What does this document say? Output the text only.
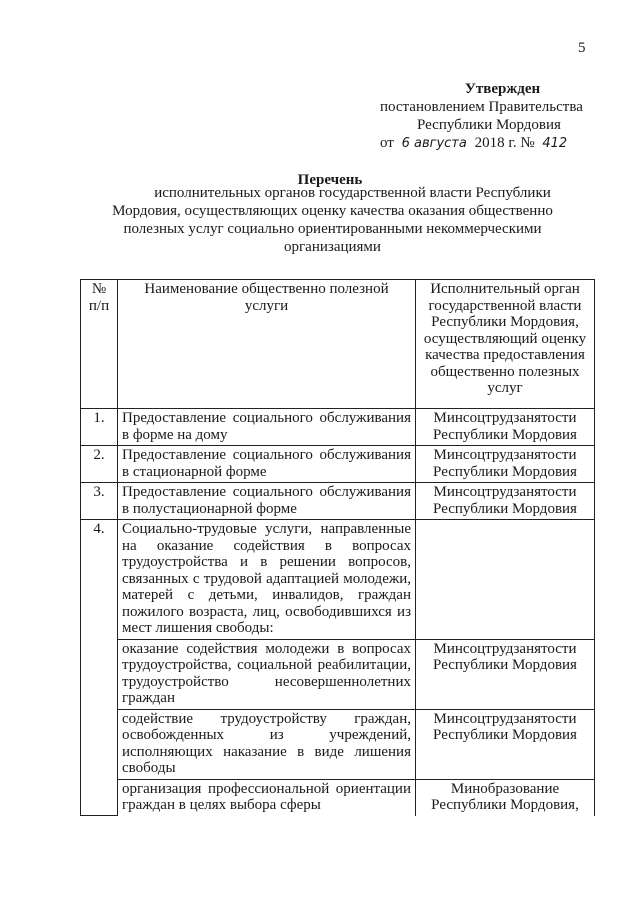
5
Утвержден
постановлением Правительства
Республики Мордовия
от 6 августа 2018 г. № 412
Перечень
исполнительных органов государственной власти Республики Мордовия, осуществляющих оценку качества оказания общественно полезных услуг социально ориентированными некоммерческими организациями
№ п/п	Наименование общественно полезной услуги	Исполнительный орган государственной власти Республики Мордовия, осуществляющий оценку качества предоставления общественно полезных услуг
1.	Предоставление социального обслуживания в форме на дому	Минсоцтрудзанятости Республики Мордовия
2.	Предоставление социального обслуживания в стационарной форме	Минсоцтрудзанятости Республики Мордовия
3.	Предоставление социального обслуживания в полустационарной форме	Минсоцтрудзанятости Республики Мордовия
4.	Социально-трудовые услуги, направленные на оказание содействия в вопросах трудоустройства и в решении вопросов, связанных с трудовой адаптацией молодежи, матерей с детьми, инвалидов, граждан пожилого возраста, лиц, освободившихся из мест лишения свободы:	
	оказание содействия молодежи в вопросах трудоустройства, социальной реабилитации, трудоустройство несовершеннолетних граждан	Минсоцтрудзанятости Республики Мордовия
	содействие трудоустройству граждан, освобожденных из учреждений, исполняющих наказание в виде лишения свободы	Минсоцтрудзанятости Республики Мордовия
	организация профессиональной ориентации граждан в целях выбора сферы	Минобразование Республики Мордовия,
